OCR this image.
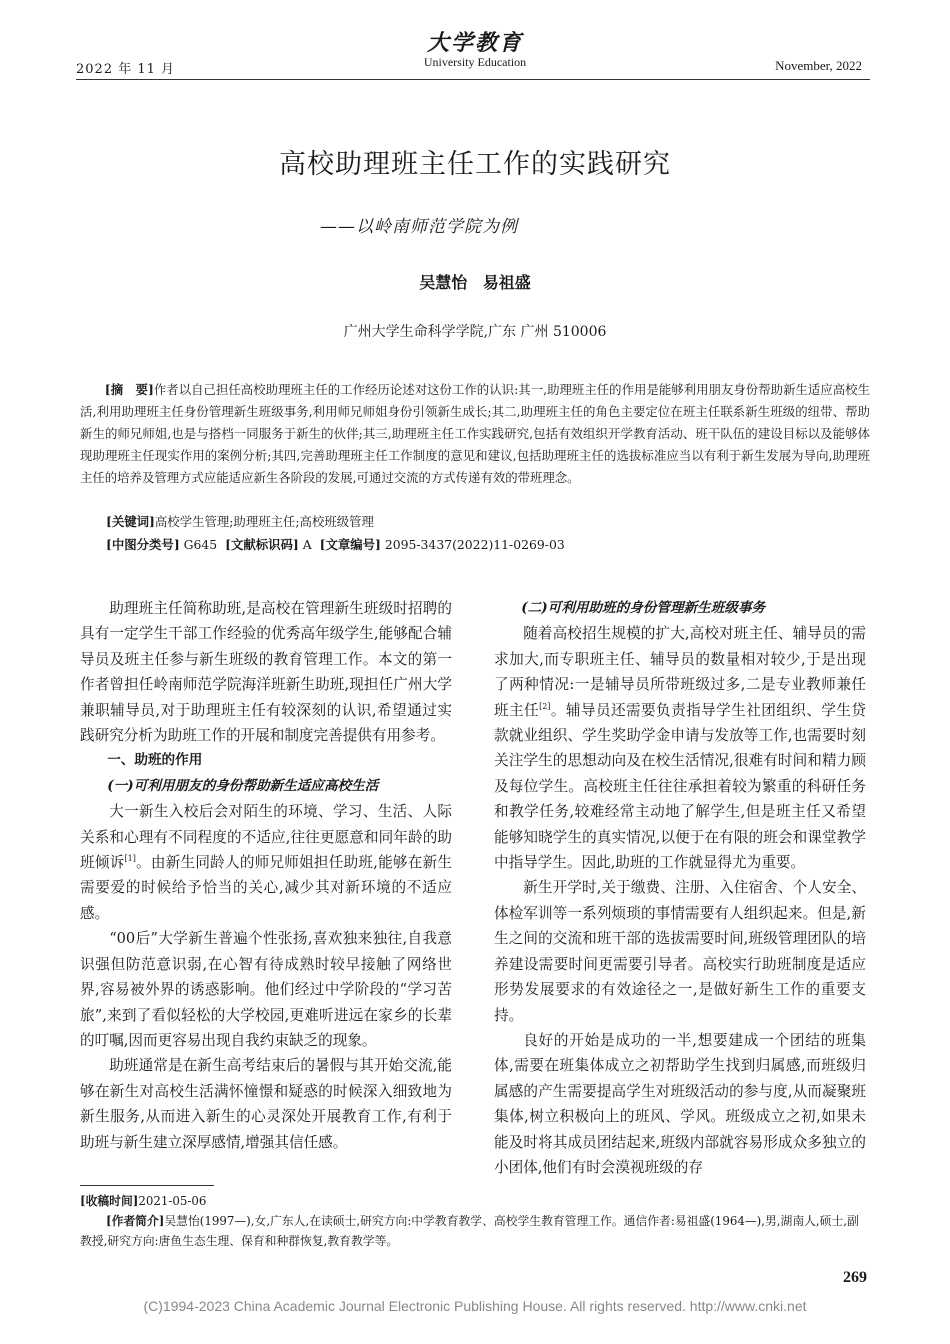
2022 年 11 月
大学教育
University Education	November, 2022
高校助理班主任工作的实践研究
——以岭南师范学院为例
吴慧怡 易祖盛
广州大学生命科学学院,广东 广州 510006
[摘　要]作者以自己担任高校助理班主任的工作经历论述对这份工作的认识:其一,助理班主任的作用是能够利用朋友身份帮助新生适应高校生活,利用助理班主任身份管理新生班级事务,利用师兄师姐身份引领新生成长;其二,助理班主任的角色主要定位在班主任联系新生班级的纽带、帮助新生的师兄师姐,也是与搭档一同服务于新生的伙伴;其三,助理班主任工作实践研究,包括有效组织开学教育活动、班干队伍的建设目标以及能够体现助理班主任现实作用的案例分析;其四,完善助理班主任工作制度的意见和建议,包括助理班主任的选拔标准应当以有利于新生发展为导向,助理班主任的培养及管理方式应能适应新生各阶段的发展,可通过交流的方式传递有效的带班理念。
[关键词]高校学生管理;助理班主任;高校班级管理
[中图分类号] G645 [文献标识码] A [文章编号] 2095-3437(2022)11-0269-03

助理班主任简称助班,是高校在管理新生班级时招聘的具有一定学生干部工作经验的优秀高年级学生,能够配合辅导员及班主任参与新生班级的教育管理工作。本文的第一作者曾担任岭南师范学院海洋班新生助班,现担任广州大学兼职辅导员,对于助理班主任有较深刻的认识,希望通过实践研究分析为助班工作的开展和制度完善提供有用参考。

一、助班的作用

(一)可利用朋友的身份帮助新生适应高校生活

大一新生入校后会对陌生的环境、学习、生活、人际关系和心理有不同程度的不适应,往往更愿意和同年龄的助班倾诉[1]。由新生同龄人的师兄师姐担任助班,能够在新生需要爱的时候给予恰当的关心,减少其对新环境的不适应感。

“00后”大学新生普遍个性张扬,喜欢独来独往,自我意识强但防范意识弱,在心智有待成熟时较早接触了网络世界,容易被外界的诱惑影响。他们经过中学阶段的“学习苦旅”,来到了看似轻松的大学校园,更难听进远在家乡的长辈的叮嘱,因而更容易出现自我约束缺乏的现象。

助班通常是在新生高考结束后的暑假与其开始交流,能够在新生对高校生活满怀憧憬和疑惑的时候深入细致地为新生服务,从而进入新生的心灵深处开展教育工作,有利于助班与新生建立深厚感情,增强其信任感。

(二)可利用助班的身份管理新生班级事务

随着高校招生规模的扩大,高校对班主任、辅导员的需求加大,而专职班主任、辅导员的数量相对较少,于是出现了两种情况:一是辅导员所带班级过多,二是专业教师兼任班主任[2]。辅导员还需要负责指导学生社团组织、学生贷款就业组织、学生奖助学金申请与发放等工作,也需要时刻关注学生的思想动向及在校生活情况,很难有时间和精力顾及每位学生。高校班主任往往承担着较为繁重的科研任务和教学任务,较难经常主动地了解学生,但是班主任又希望能够知晓学生的真实情况,以便于在有限的班会和课堂教学中指导学生。因此,助班的工作就显得尤为重要。

新生开学时,关于缴费、注册、入住宿舍、个人安全、体检军训等一系列烦琐的事情需要有人组织起来。但是,新生之间的交流和班干部的选拔需要时间,班级管理团队的培养建设需要时间更需要引导者。高校实行助班制度是适应形势发展要求的有效途径之一,是做好新生工作的重要支持。

良好的开始是成功的一半,想要建成一个团结的班集体,需要在班集体成立之初帮助学生找到归属感,而班级归属感的产生需要提高学生对班级活动的参与度,从而凝聚班集体,树立积极向上的班风、学风。班级成立之初,如果未能及时将其成员团结起来,班级内部就容易形成众多独立的小团体,他们有时会漠视班级的存

[收稿时间]2021-05-06
[作者简介]吴慧怡(1997—),女,广东人,在读硕士,研究方向:中学教育教学、高校学生教育管理工作。通信作者:易祖盛(1964—),男,湖南人,硕士,副教授,研究方向:唐鱼生态生理、保育和种群恢复,教育教学等。
269
(C)1994-2023 China Academic Journal Electronic Publishing House. All rights reserved. http://www.cnki.net
